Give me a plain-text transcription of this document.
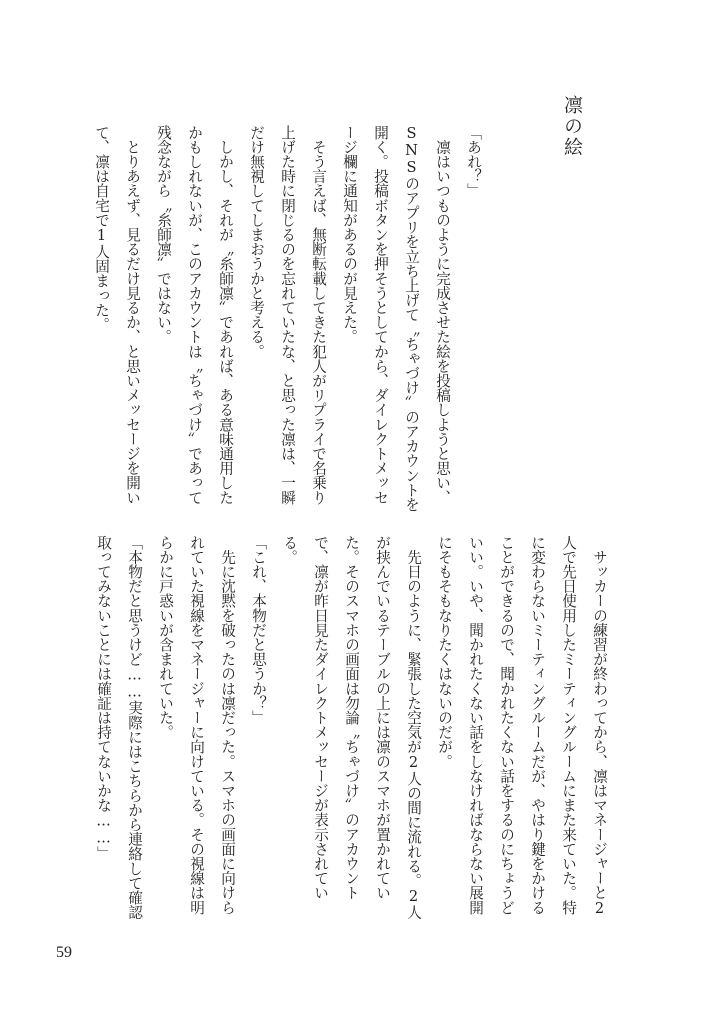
凛の絵
「あれ？」
　凛はいつものように完成させた絵を投稿しようと思い、
SNSのアプリを立ち上げて〝ちゃづけ〟のアカウントを
開く。投稿ボタンを押そうとしてから、ダイレクトメッセ
ージ欄に通知があるのが見えた。
　そう言えば、無断転載してきた犯人がリプライで名乗り
上げた時に閉じるのを忘れていたな、と思った凛は、一瞬
だけ無視してしまおうかと考える。
　しかし、それが〝糸師凛〟であれば、ある意味通用した
かもしれないが、このアカウントは〝ちゃづけ〟であって
残念ながら〝糸師凛〟ではない。
　とりあえず、見るだけ見るか、と思いメッセージを開い
て、凛は自宅で1人固まった。
　サッカーの練習が終わってから、凛はマネージャーと2
人で先日使用したミーティングルームにまた来ていた。特
に変わらないミーティングルームだが、やはり鍵をかける
ことができるので、聞かれたくない話をするのにちょうど
いい。いや、聞かれたくない話をしなければならない展開
にそもそもなりたくはないのだが。
　先日のように、緊張した空気が2人の間に流れる。2人
が挟んでいるテーブルの上には凛のスマホが置かれてい
た。そのスマホの画面は勿論〝ちゃづけ〟のアカウント
で、凛が昨日見たダイレクトメッセージが表示されてい
る。
「これ、本物だと思うか？」
　先に沈黙を破ったのは凛だった。スマホの画面に向けら
れていた視線をマネージャーに向けている。その視線は明
らかに戸惑いが含まれていた。
「本物だと思うけど……実際にはこちらから連絡して確認
取ってみないことには確証は持てないかな……」
59
